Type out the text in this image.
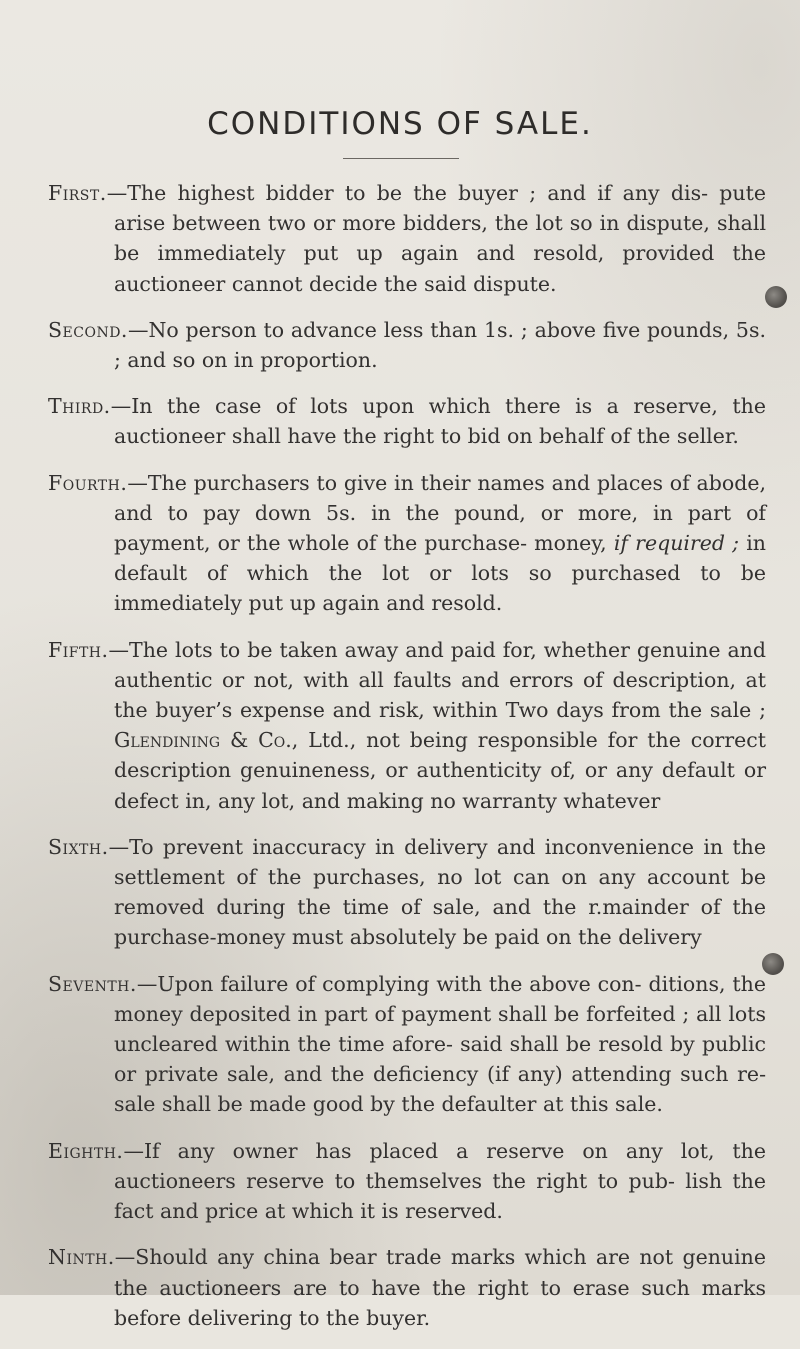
CONDITIONS OF SALE.

First.—The highest bidder to be the buyer ; and if any dis- pute arise between two or more bidders, the lot so in dispute, shall be immediately put up again and resold, provided the auctioneer cannot decide the said dispute.

Second.—No person to advance less than 1s. ; above five pounds, 5s. ; and so on in proportion.

Third.—In the case of lots upon which there is a reserve, the auctioneer shall have the right to bid on behalf of the seller.

Fourth.—The purchasers to give in their names and places of abode, and to pay down 5s. in the pound, or more, in part of payment, or the whole of the purchase- money, if required ; in default of which the lot or lots so purchased to be immediately put up again and resold.

Fifth.—The lots to be taken away and paid for, whether genuine and authentic or not, with all faults and errors of description, at the buyer’s expense and risk, within Two days from the sale ; Glendining & Co., Ltd., not being responsible for the correct description genuineness, or authenticity of, or any default or defect in, any lot, and making no warranty whatever

Sixth.—To prevent inaccuracy in delivery and inconvenience in the settlement of the purchases, no lot can on any account be removed during the time of sale, and the r.mainder of the purchase-money must absolutely be paid on the delivery

Seventh.—Upon failure of complying with the above con- ditions, the money deposited in part of payment shall be forfeited ; all lots uncleared within the time afore- said shall be resold by public or private sale, and the deficiency (if any) attending such re-sale shall be made good by the defaulter at this sale.

Eighth.—If any owner has placed a reserve on any lot, the auctioneers reserve to themselves the right to pub- lish the fact and price at which it is reserved.

Ninth.—Should any china bear trade marks which are not genuine the auctioneers are to have the right to erase such marks before delivering to the buyer.
